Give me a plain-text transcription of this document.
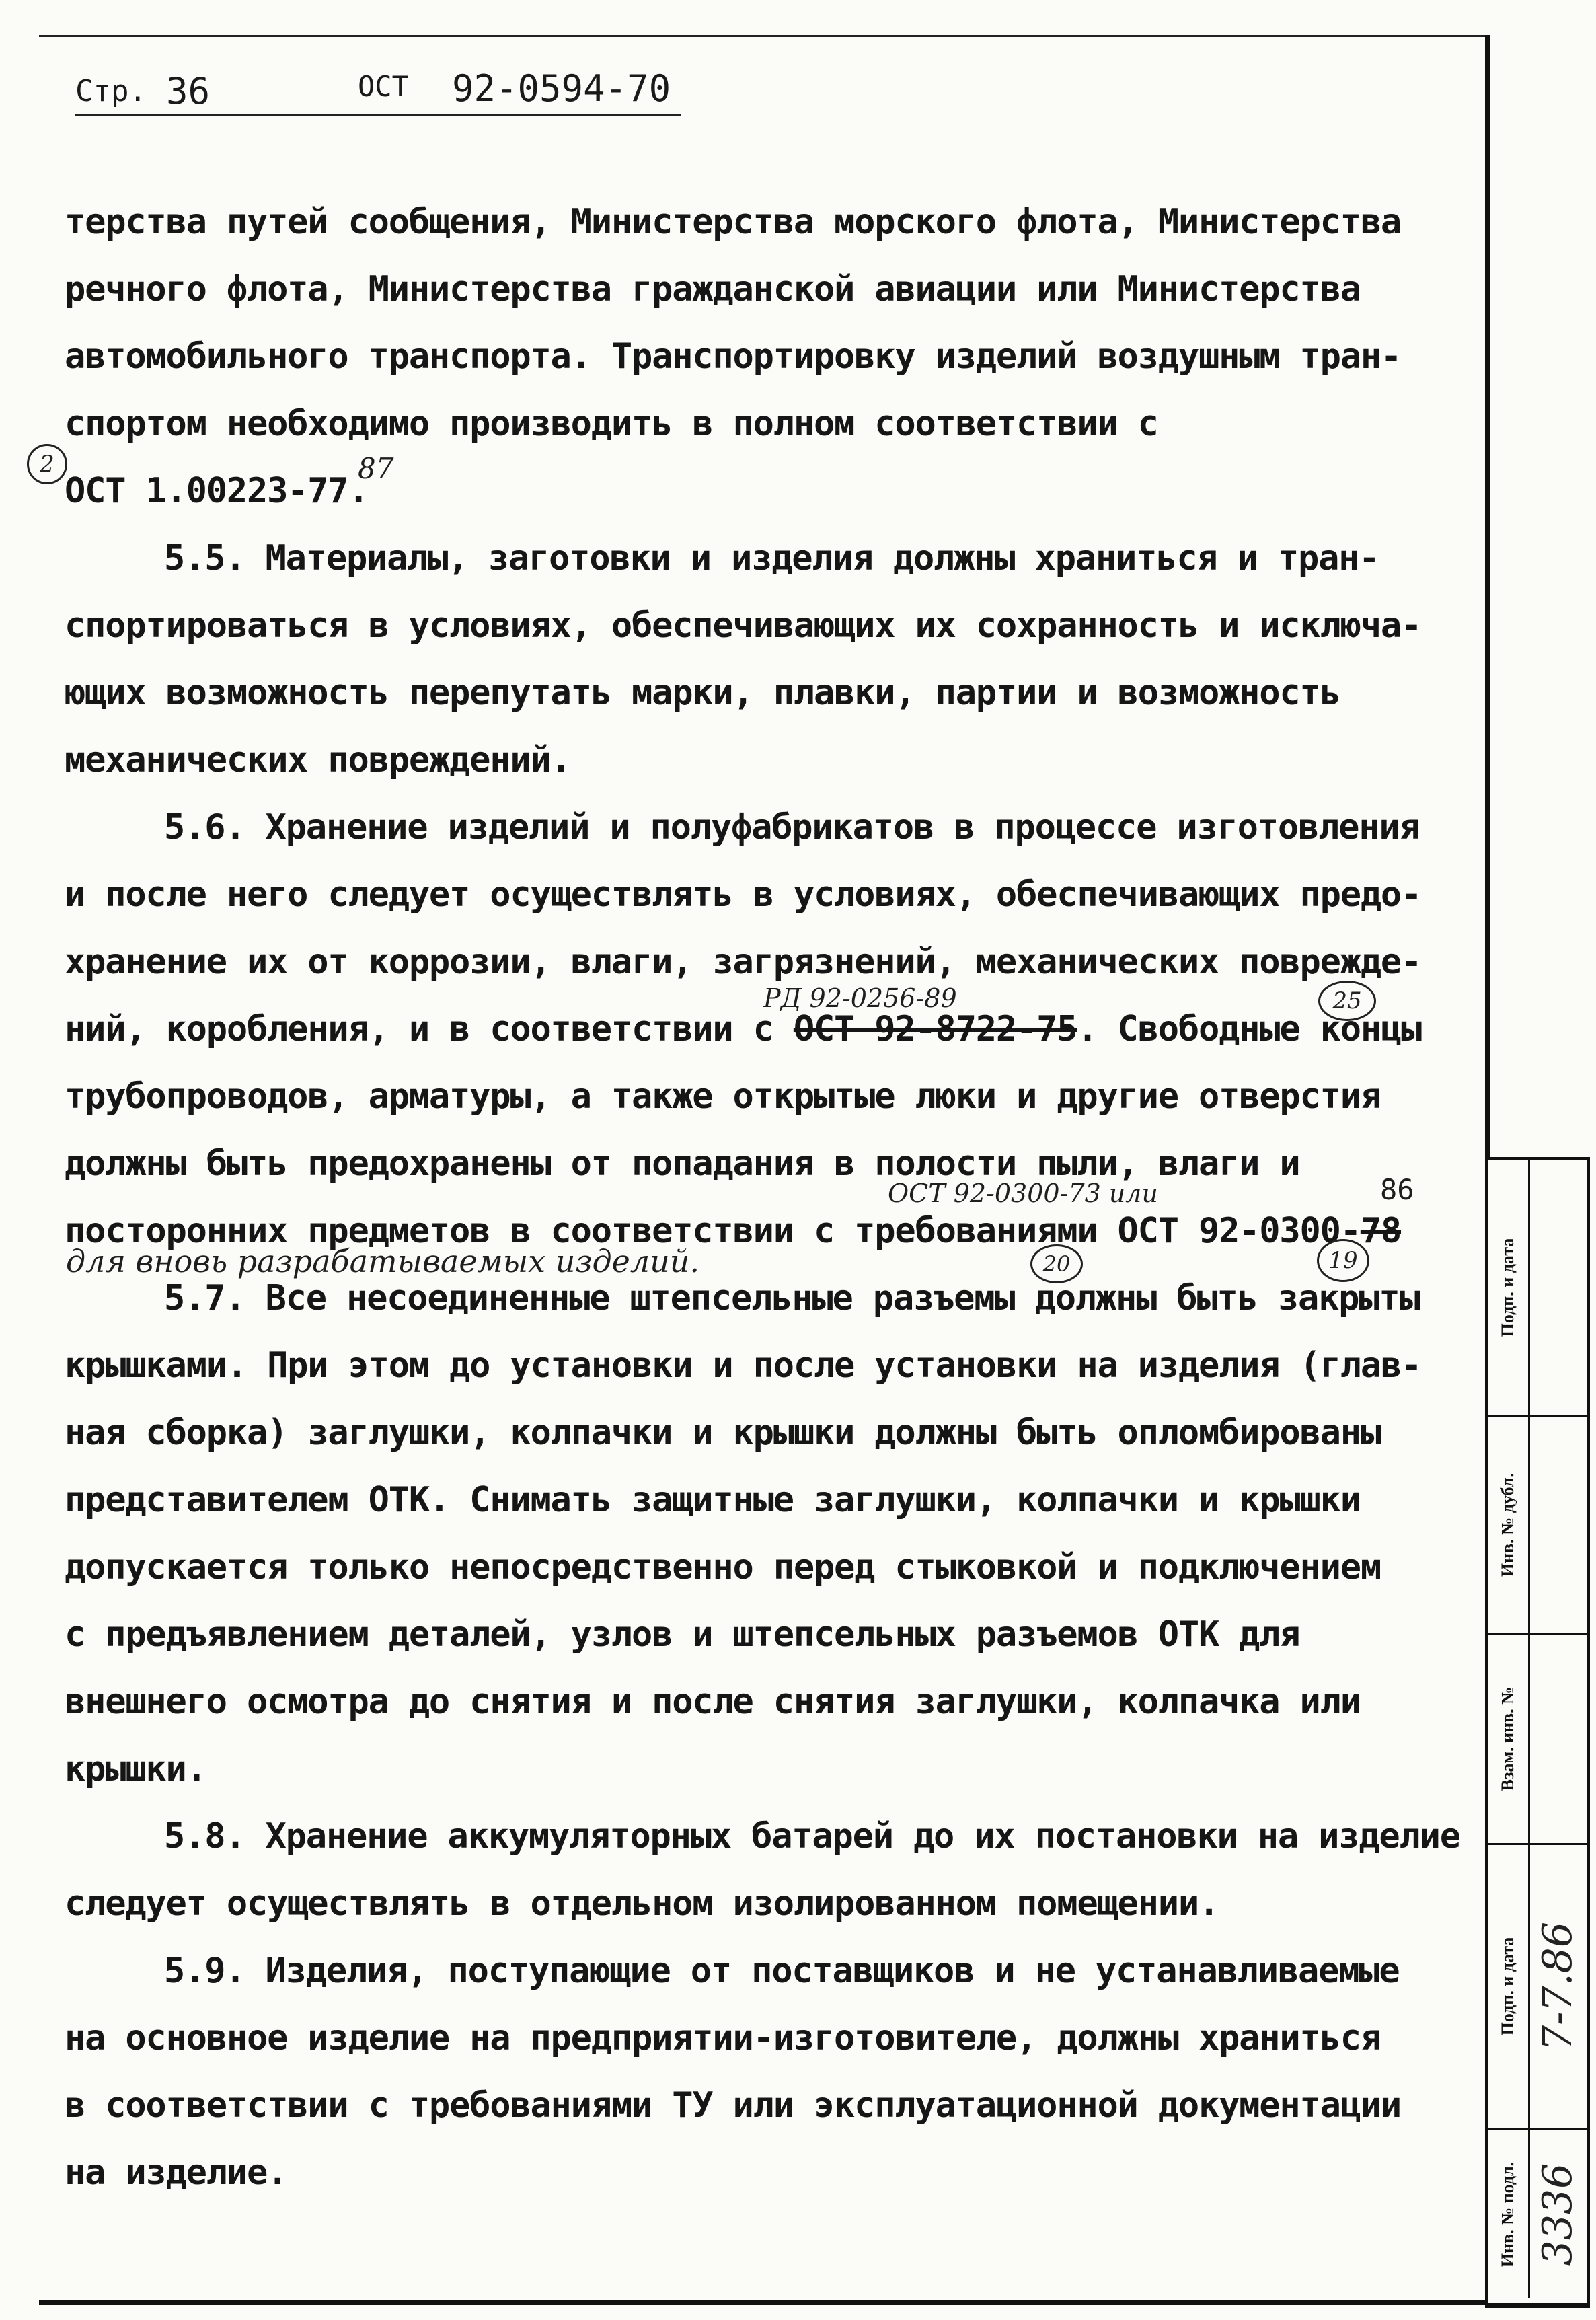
Стр. 36	ОСТ 92-0594-70
терства путей сообщения, Министерства морского флота, Министерства
речного флота, Министерства гражданской авиации или Министерства
автомобильного транспорта. Транспортировку изделий воздушным тран-
спортом необходимо производить в полном соответствии с
ОСТ 1.00223-77.
5.5. Материалы, заготовки и изделия должны храниться и тран-
спортироваться в условиях, обеспечивающих их сохранность и исключа-
ющих возможность перепутать марки, плавки, партии и возможность
механических повреждений.
5.6. Хранение изделий и полуфабрикатов в процессе изготовления
и после него следует осуществлять в условиях, обеспечивающих предо-
хранение их от коррозии, влаги, загрязнений, механических поврежде-
ний, коробления, и в соответствии с ОСТ 92-8722-75. Свободные концы
трубопроводов, арматуры, а также открытые люки и другие отверстия
должны быть предохранены от попадания в полости пыли, влаги и
посторонних предметов в соответствии с требованиями ОСТ 92-0300-78
5.7. Все несоединенные штепсельные разъемы должны быть закрыты
крышками. При этом до установки и после установки на изделия (глав-
ная сборка) заглушки, колпачки и крышки должны быть опломбированы
представителем ОТК. Снимать защитные заглушки, колпачки и крышки
допускается только непосредственно перед стыковкой и подключением
с предъявлением деталей, узлов и штепсельных разъемов ОТК для
внешнего осмотра до снятия и после снятия заглушки, колпачка или
крышки.
5.8. Хранение аккумуляторных батарей до их постановки на изделие
следует осуществлять в отдельном изолированном помещении.
5.9. Изделия, поступающие от поставщиков и не устанавливаемые
на основное изделие на предприятии-изготовителе, должны храниться
в соответствии с требованиями ТУ или эксплуатационной документации
на изделие.
2	87
РД 92-0256-89	25
ОСТ 92-0300-73 или	86
для вновь разрабатываемых изделий.	20	19	Подп. и дата
Инв. № дубл.
Взам. инв. №
Подп. и дата 7-7.86
Инв. № подл. 3336
